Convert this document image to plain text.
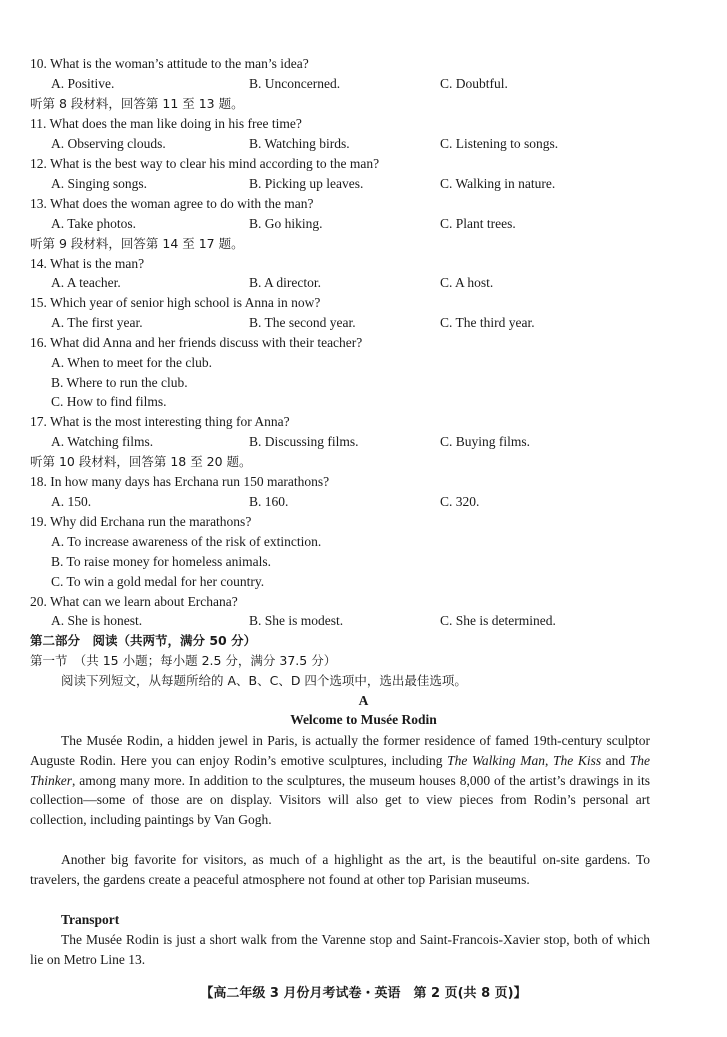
10. What is the woman’s attitude to the man’s idea?
A. Positive.	B. Unconcerned.	C. Doubtful.
听第 8 段材料，回答第 11 至 13 题。
11. What does the man like doing in his free time?
A. Observing clouds.	B. Watching birds.	C. Listening to songs.
12. What is the best way to clear his mind according to the man?
A. Singing songs.	B. Picking up leaves.	C. Walking in nature.
13. What does the woman agree to do with the man?
A. Take photos.	B. Go hiking.	C. Plant trees.
听第 9 段材料，回答第 14 至 17 题。
14. What is the man?
A. A teacher.	B. A director.	C. A host.
15. Which year of senior high school is Anna in now?
A. The first year.	B. The second year.	C. The third year.
16. What did Anna and her friends discuss with their teacher?
A. When to meet for the club.
B. Where to run the club.
C. How to find films.
17. What is the most interesting thing for Anna?
A. Watching films.	B. Discussing films.	C. Buying films.
听第 10 段材料，回答第 18 至 20 题。
18. In how many days has Erchana run 150 marathons?
A. 150.	B. 160.	C. 320.
19. Why did Erchana run the marathons?
A. To increase awareness of the risk of extinction.
B. To raise money for homeless animals.
C. To win a gold medal for her country.
20. What can we learn about Erchana?
A. She is honest.	B. She is modest.	C. She is determined.
第二部分　阅读（共两节，满分 50 分）
第一节　（共 15 小题；每小题 2.5 分，满分 37.5 分）
阅读下列短文，从每题所给的 A、B、C、D 四个选项中，选出最佳选项。
A
Welcome to Musée Rodin
The Musée Rodin, a hidden jewel in Paris, is actually the former residence of famed 19th-century sculptor Auguste Rodin. Here you can enjoy Rodin’s emotive sculptures, including The Walking Man, The Kiss and The Thinker, among many more. In addition to the sculptures, the museum houses 8,000 of the artist’s drawings in its collection—some of those are on display. Visitors will also get to view pieces from Rodin’s personal art collection, including paintings by Van Gogh.
Another big favorite for visitors, as much of a highlight as the art, is the beautiful on-site gardens. To travelers, the gardens create a peaceful atmosphere not found at other top Parisian museums.
Transport
The Musée Rodin is just a short walk from the Varenne stop and Saint-Francois-Xavier stop, both of which lie on Metro Line 13.
【高二年级 3 月份月考试卷・英语　第 2 页(共 8 页)】
